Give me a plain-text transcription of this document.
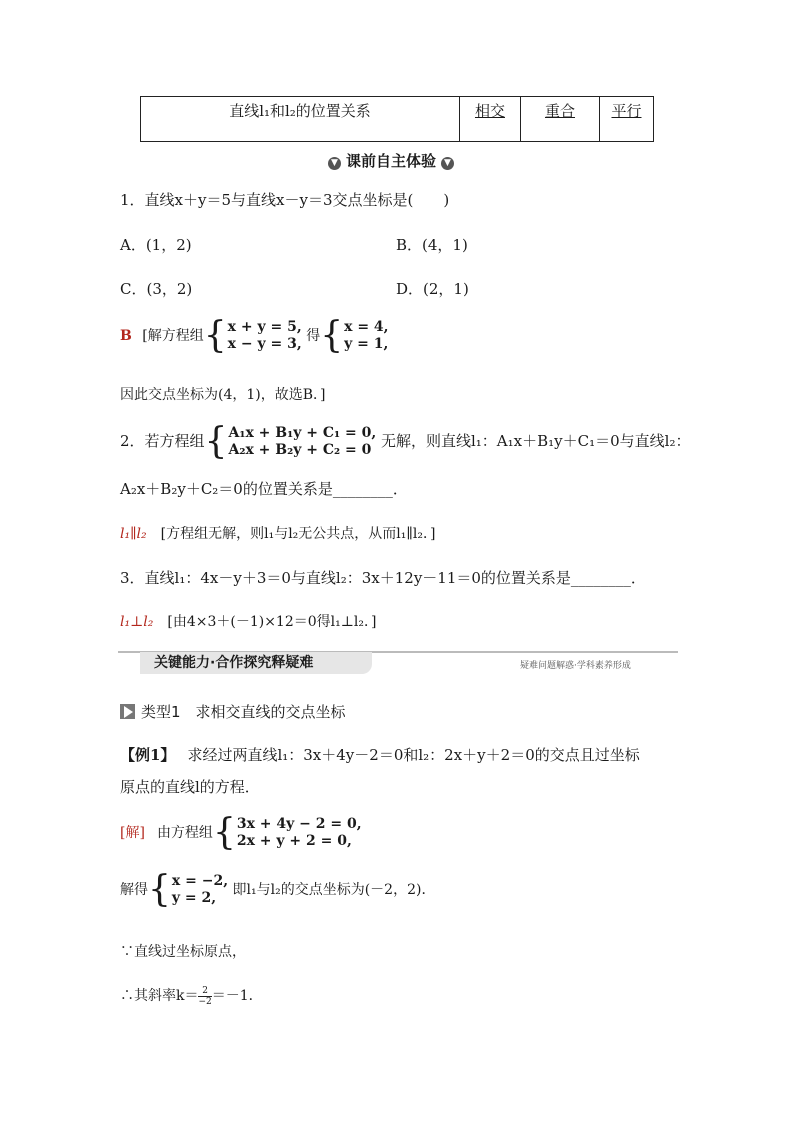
直线l₁和l₂的位置关系	相交	重合	平行
▼ 课前自主体验 ▼
1．直线x＋y＝5与直线x－y＝3交点坐标是(　　)
A．(1，2)	B．(4，1)
C．(3，2)	D．(2，1)
B [解方程组{ x + y = 5,
x − y = 3, 得{ x = 4,
y = 1,
因此交点坐标为(4，1)，故选B．]
2．若方程组{ A₁x + B₁y + C₁ = 0,
A₂x + B₂y + C₂ = 0 无解，则直线l₁：A₁x＋B₁y＋C₁＝0与直线l₂：
A₂x＋B₂y＋C₂＝0的位置关系是________．
l₁∥l₂ [方程组无解，则l₁与l₂无公共点，从而l₁∥l₂．]
3．直线l₁：4x－y＋3＝0与直线l₂：3x＋12y－11＝0的位置关系是________．
l₁⊥l₂ [由4×3＋(－1)×12＝0得l₁⊥l₂．]
关键能力·合作探究释疑难	疑难问题解惑·学科素养形成
类型1　求相交直线的交点坐标
【例1】 求经过两直线l₁：3x＋4y－2＝0和l₂：2x＋y＋2＝0的交点且过坐标
原点的直线l的方程．
[解] 由方程组{ 3x + 4y − 2 = 0,
2x + y + 2 = 0,
解得{ x = −2,
y = 2,	即l₁与l₂的交点坐标为(－2，2)．
∵直线过坐标原点，
∴其斜率$k= \frac{2}{-2} =-1$．
